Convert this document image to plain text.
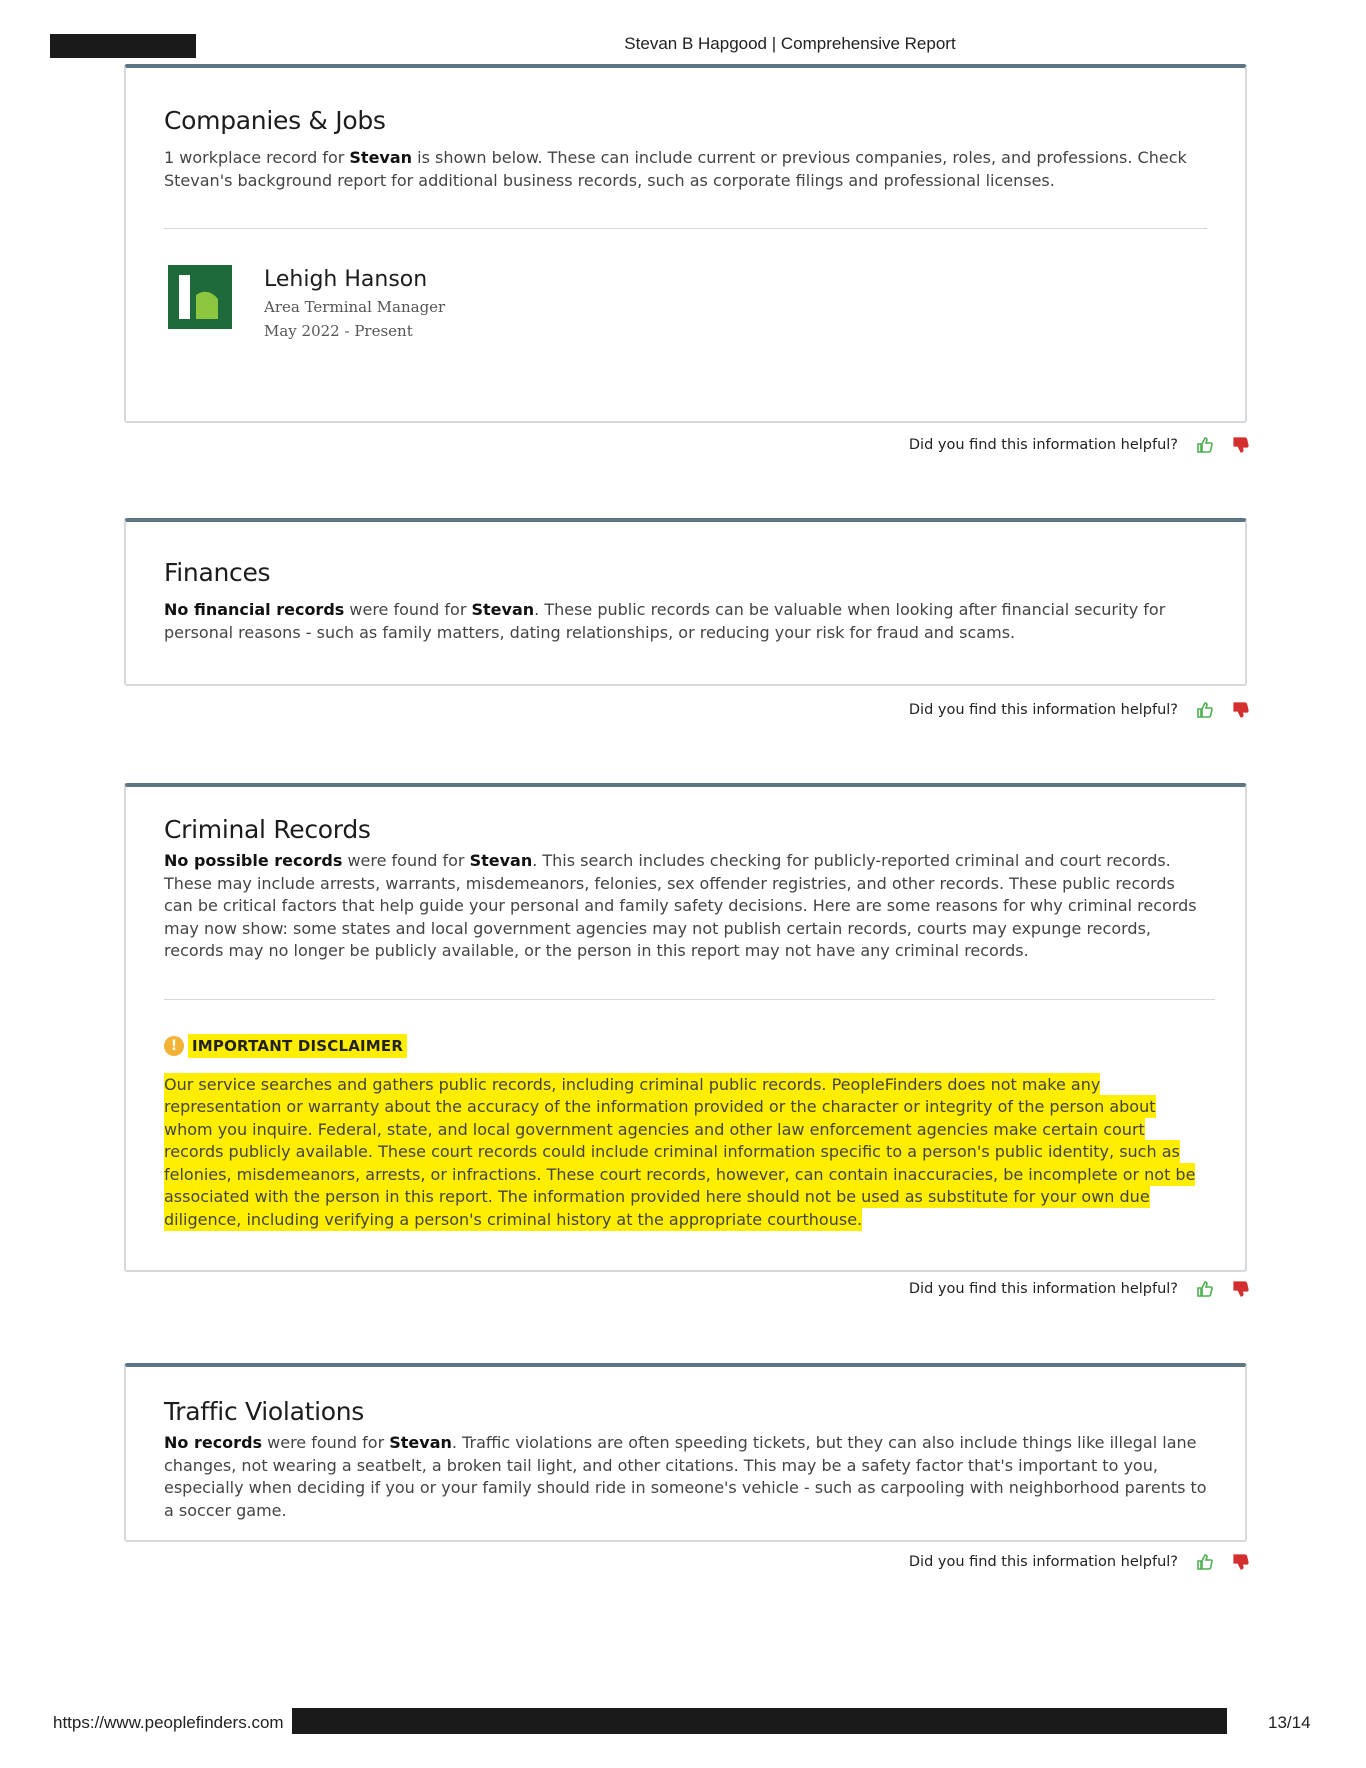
Stevan B Hapgood | Comprehensive Report
Companies & Jobs

1 workplace record for Stevan is shown below. These can include current or previous companies, roles, and professions. Check Stevan's background report for additional business records, such as corporate filings and professional licenses.

Lehigh Hanson
Area Terminal Manager
May 2022 - Present
Did you find this information helpful?
Finances

No financial records were found for Stevan. These public records can be valuable when looking after financial security for personal reasons - such as family matters, dating relationships, or reducing your risk for fraud and scams.

Did you find this information helpful?
Criminal Records

No possible records were found for Stevan. This search includes checking for publicly-reported criminal and court records. These may include arrests, warrants, misdemeanors, felonies, sex offender registries, and other records. These public records can be critical factors that help guide your personal and family safety decisions. Here are some reasons for why criminal records may now show: some states and local government agencies may not publish certain records, courts may expunge records, records may no longer be publicly available, or the person in this report may not have any criminal records.

! IMPORTANT DISCLAIMER

Our service searches and gathers public records, including criminal public records. PeopleFinders does not make any representation or warranty about the accuracy of the information provided or the character or integrity of the person about whom you inquire. Federal, state, and local government agencies and other law enforcement agencies make certain court records publicly available. These court records could include criminal information specific to a person's public identity, such as felonies, misdemeanors, arrests, or infractions. These court records, however, can contain inaccuracies, be incomplete or not be associated with the person in this report. The information provided here should not be used as substitute for your own due diligence, including verifying a person's criminal history at the appropriate courthouse.

Did you find this information helpful?
Traffic Violations

No records were found for Stevan. Traffic violations are often speeding tickets, but they can also include things like illegal lane changes, not wearing a seatbelt, a broken tail light, and other citations. This may be a safety factor that's important to you, especially when deciding if you or your family should ride in someone's vehicle - such as carpooling with neighborhood parents to a soccer game.

Did you find this information helpful?
https://www.peoplefinders.com	13/14
